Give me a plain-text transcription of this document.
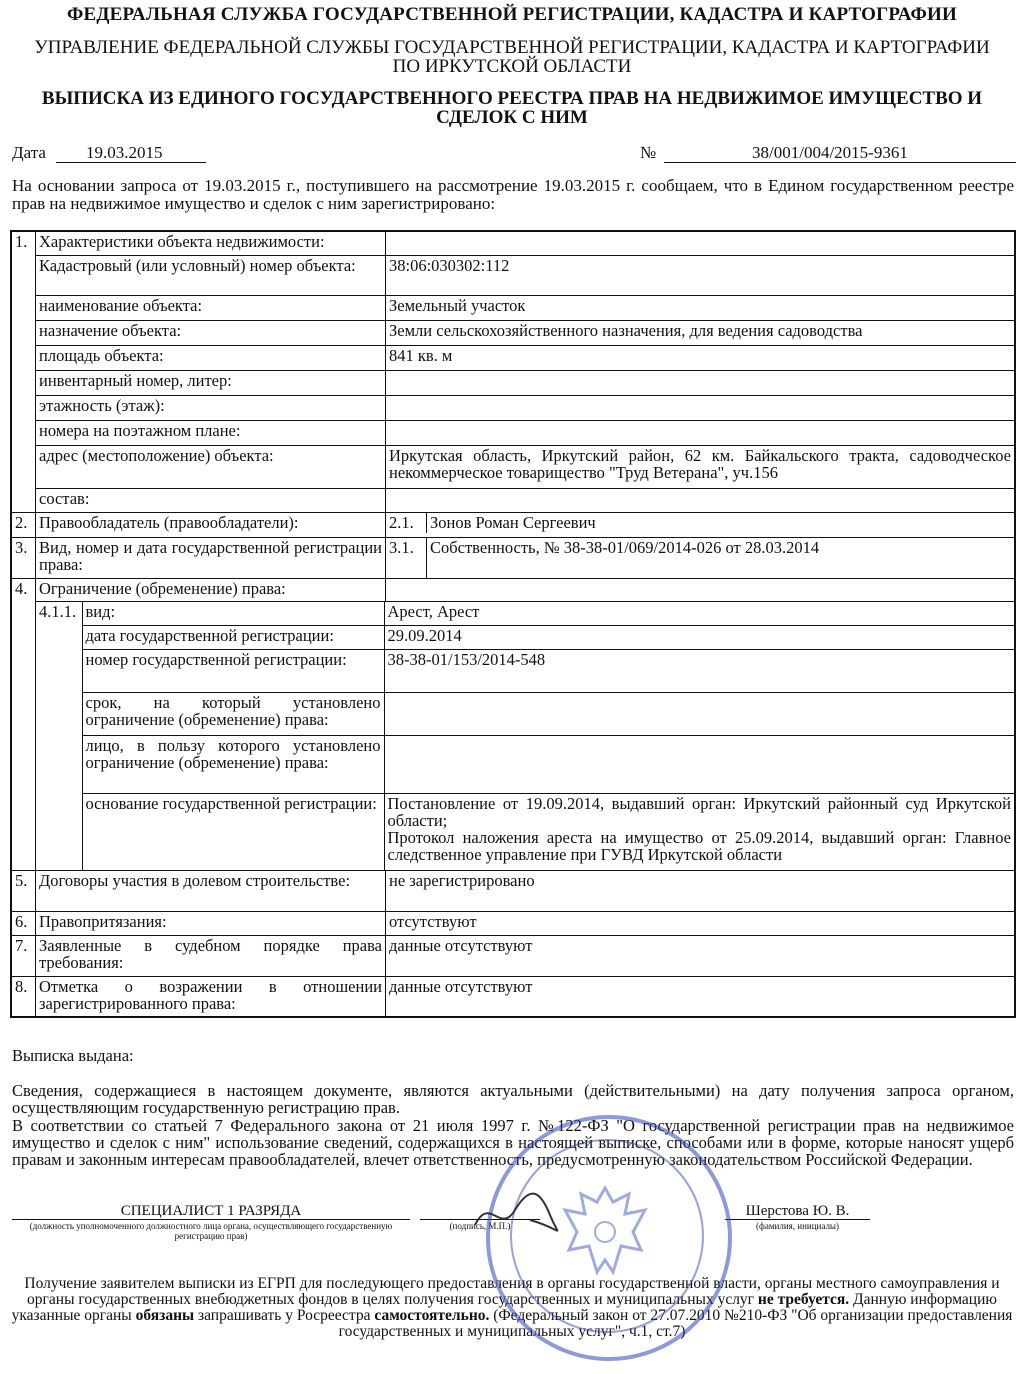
ФЕДЕРАЛЬНАЯ СЛУЖБА ГОСУДАРСТВЕННОЙ РЕГИСТРАЦИИ, КАДАСТРА И КАРТОГРАФИИ
УПРАВЛЕНИЕ ФЕДЕРАЛЬНОЙ СЛУЖБЫ ГОСУДАРСТВЕННОЙ РЕГИСТРАЦИИ, КАДАСТРА И КАРТОГРАФИИ
ПО ИРКУТСКОЙ ОБЛАСТИ
ВЫПИСКА ИЗ ЕДИНОГО ГОСУДАРСТВЕННОГО РЕЕСТРА ПРАВ НА НЕДВИЖИМОЕ ИМУЩЕСТВО И
СДЕЛОК С НИМ
Дата 19.03.2015	№	38/001/004/2015-9361
На основании запроса от 19.03.2015 г., поступившего на рассмотрение 19.03.2015 г. сообщаем, что в Едином государственном реестре прав на недвижимое имущество и сделок с ним зарегистрировано:
1.	Характеристики объекта недвижимости:	
Кадастровый (или условный) номер объекта:	38:06:030302:112
наименование объекта:	Земельный участок
назначение объекта:	Земли сельскохозяйственного назначения, для ведения садоводства
площадь объекта:	841 кв. м
инвентарный номер, литер:	
этажность (этаж):	
номера на поэтажном плане:	
адрес (местоположение) объекта:	Иркутская область, Иркутский район, 62 км. Байкальского тракта, садоводческое некоммерческое товарищество "Труд Ветерана", уч.156
состав:	
2.	Правообладатель (правообладатели):		2.1.	Зонов Роман Сергеевич

3.	Вид, номер и дата государственной регистрации права:	
3.1.	Собственность, № 38-38-01/069/2014-026 от 28.03.2014

4.	Ограничение (обременение) права:	

4.1.1.	вид:	Арест, Арест
дата государственной регистрации:	29.09.2014
номер государственной регистрации:	38-38-01/153/2014-548
срок, на который установлено ограничение (обременение) права:	
лицо, в пользу которого установлено ограничение (обременение) права:	
основание государственной регистрации:	Постановление от 19.09.2014, выдавший орган: Иркутский районный суд Иркутской области;
Протокол наложения ареста на имущество от 25.09.2014, выдавший орган: Главное следственное управление при ГУВД Иркутской области

5.	Договоры участия в долевом строительстве:	не зарегистрировано
6.	Правопритязания:	отсутствуют
7.	Заявленные в судебном порядке права требования:	данные отсутствуют
8.	Отметка о возражении в отношении зарегистрированного права:	данные отсутствуют
Выписка выдана:
Сведения, содержащиеся в настоящем документе, являются актуальными (действительными) на дату получения запроса органом, осуществляющим государственную регистрацию прав.
В соответствии со статьей 7 Федерального закона от 21 июля 1997 г. №122-ФЗ "О государственной регистрации прав на недвижимое имущество и сделок с ним" использование сведений, содержащихся в настоящей выписке, способами или в форме, которые наносят ущерб правам и законным интересам правообладателей, влечет ответственность, предусмотренную законодательством Российской Федерации.
СПЕЦИАЛИСТ 1 РАЗРЯДА
(должность уполномоченного должностного лица органа, осуществляющего государственную регистрацию прав)
(подпись, М.П.)
Шерстова Ю. В.
(фамилия, инициалы)
Получение заявителем выписки из ЕГРП для последующего предоставления в органы государственной власти, органы местного самоуправления и органы государственных внебюджетных фондов в целях получения государственных и муниципальных услуг не требуется. Данную информацию указанные органы обязаны запрашивать у Росреестра самостоятельно. (Федеральный закон от 27.07.2010 №210-ФЗ "Об организации предоставления государственных и муниципальных услуг", ч.1, ст.7)
